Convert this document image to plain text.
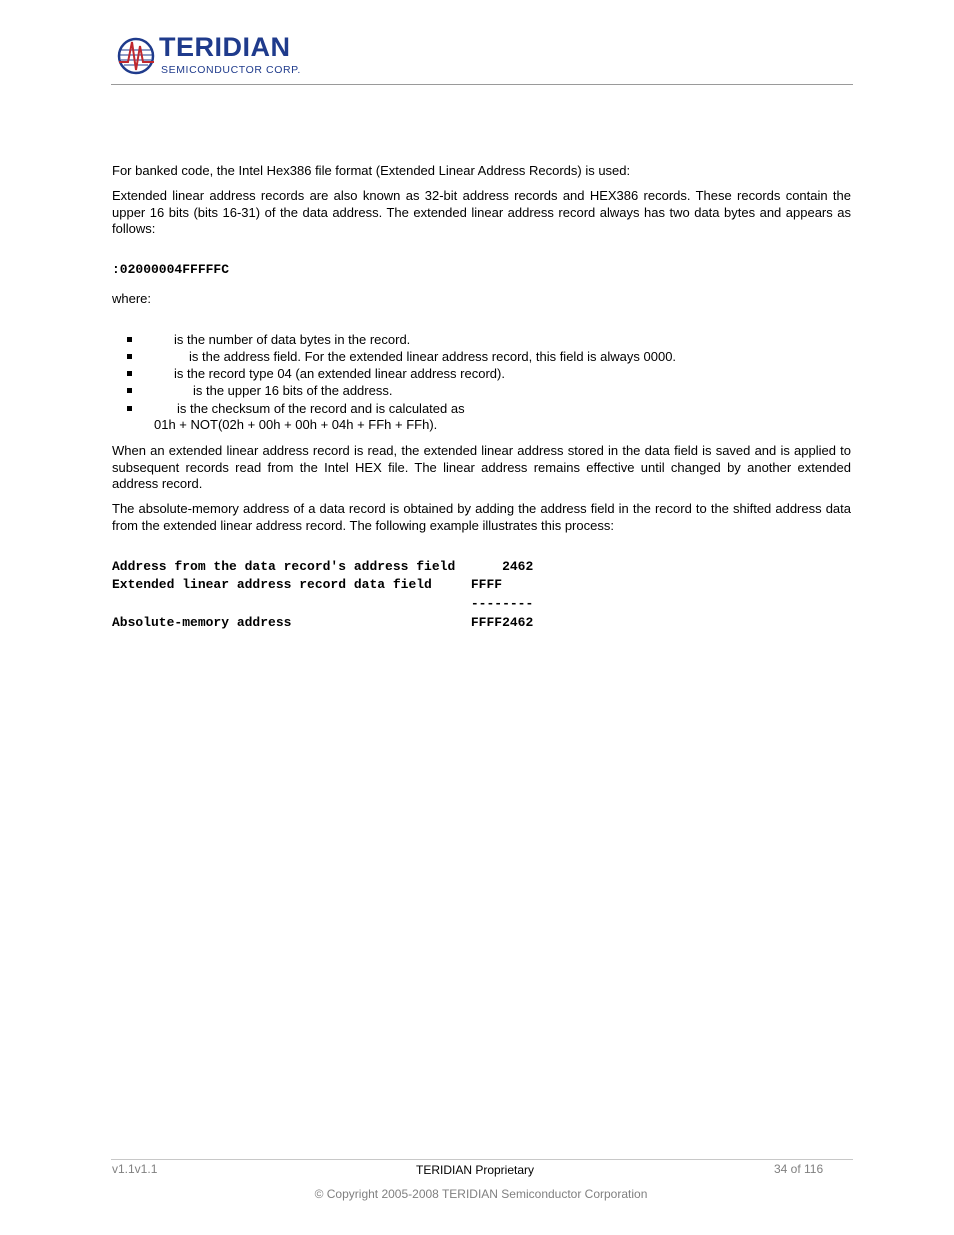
TERIDIAN
SEMICONDUCTOR CORP.

For banked code, the Intel Hex386 file format (Extended Linear Address Records) is used:

Extended linear address records are also known as 32-bit address records and HEX386 records. These records contain the upper 16 bits (bits 16-31) of the data address. The extended linear address record always has two data bytes and appears as follows:

:02000004FFFFFC

where:

is the number of data bytes in the record.
is the address field. For the extended linear address record, this field is always 0000.
is the record type 04 (an extended linear address record).
is the upper 16 bits of the address.
is the checksum of the record and is calculated as
01h + NOT(02h + 00h + 00h + 04h + FFh + FFh).

When an extended linear address record is read, the extended linear address stored in the data field is saved and is applied to subsequent records read from the Intel HEX file. The linear address remains effective until changed by another extended address record.

The absolute-memory address of a data record is obtained by adding the address field in the record to the shifted address data from the extended linear address record. The following example illustrates this process:

Address from the data record's address field      2462

Extended linear address record data field     FFFF

--------

Absolute-memory address                       FFFF2462

v1.1v1.1	TERIDIAN Proprietary	34 of 116
© Copyright 2005-2008 TERIDIAN Semiconductor Corporation
